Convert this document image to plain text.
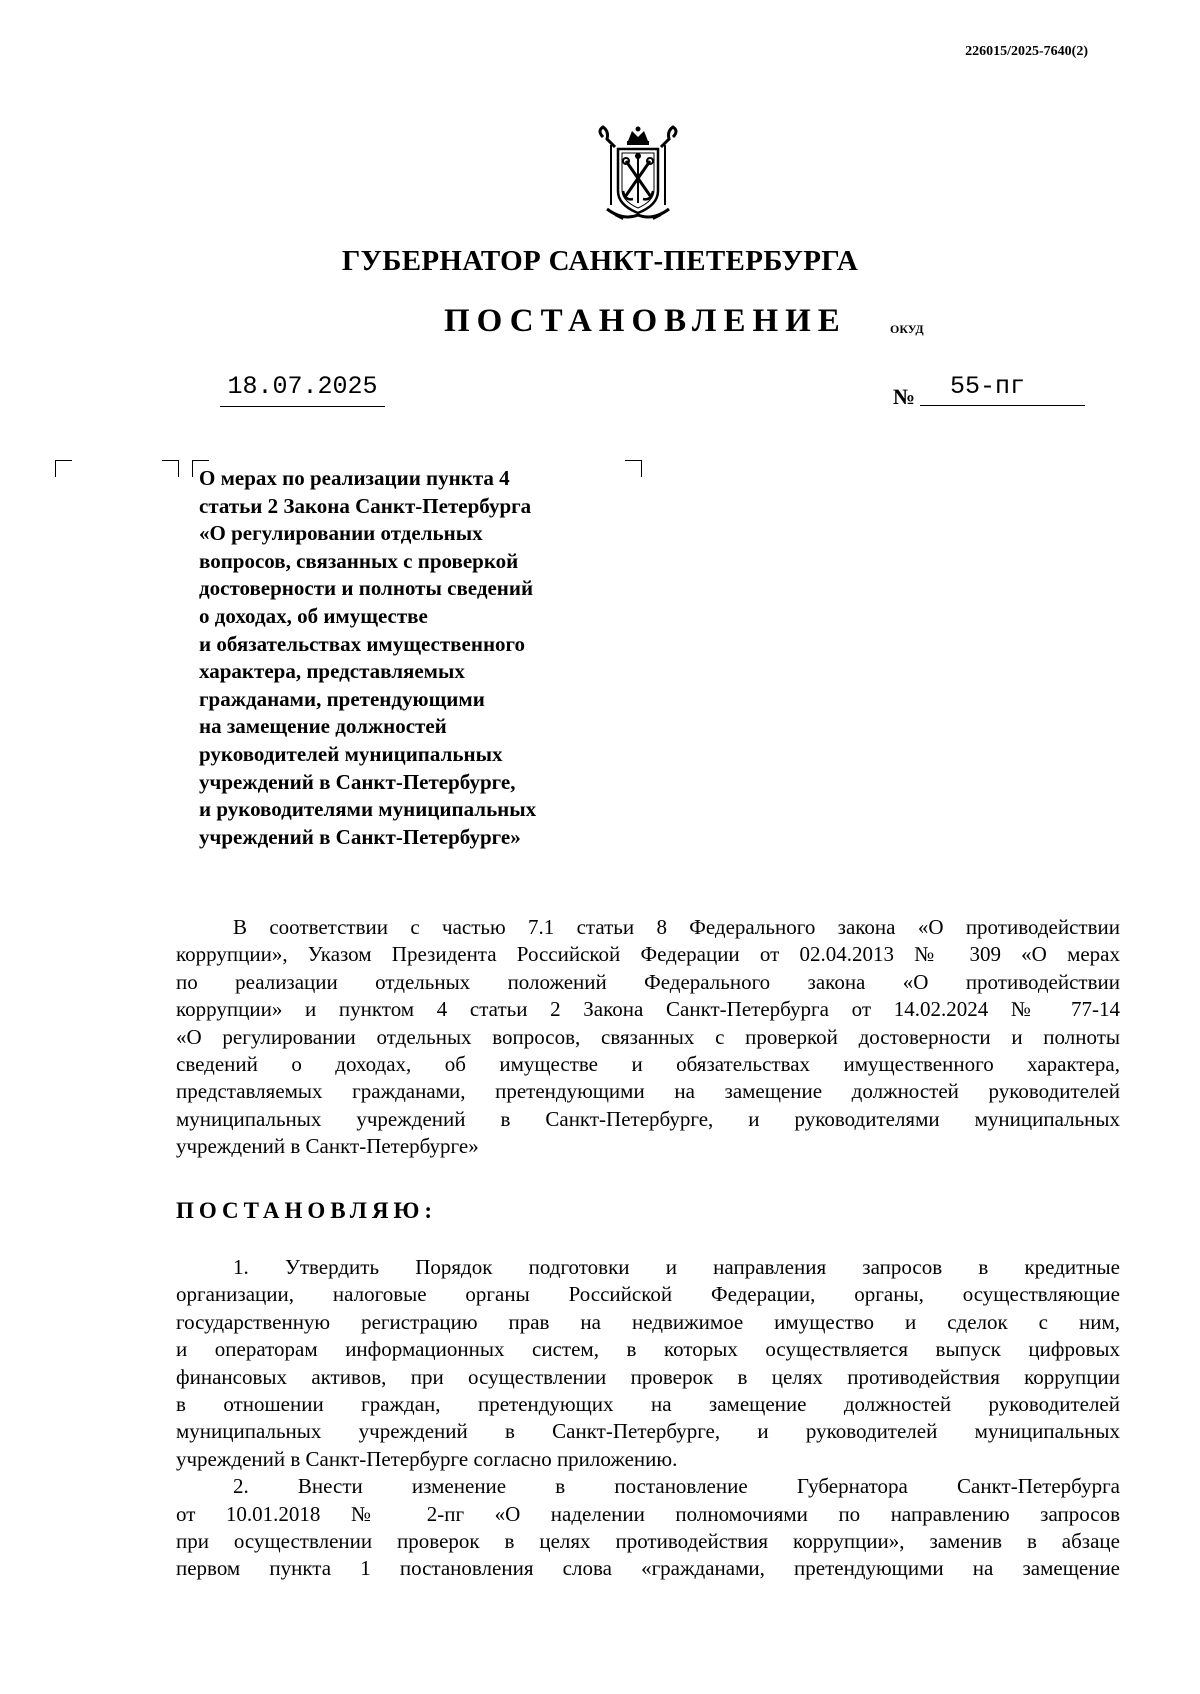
226015/2025-7640(2)
ГУБЕРНАТОР САНКТ-ПЕТЕРБУРГА
ПОСТАНОВЛЕНИЕ	ОКУД
18.07.2025	№	55-пг
О мерах по реализации пункта 4
статьи 2 Закона Санкт-Петербурга
«О регулировании отдельных
вопросов, связанных с проверкой
достоверности и полноты сведений
о доходах, об имуществе
и обязательствах имущественного
характера, представляемых
гражданами, претендующими
на замещение должностей
руководителей муниципальных
учреждений в Санкт-Петербурге,
и руководителями муниципальных
учреждений в Санкт-Петербурге»
В соответствии с частью 7.1 статьи 8 Федерального закона «О противодействии
коррупции», Указом Президента Российской Федерации от 02.04.2013 № 309 «О мерах
по реализации отдельных положений Федерального закона «О противодействии
коррупции» и пунктом 4 статьи 2 Закона Санкт-Петербурга от 14.02.2024 № 77-14
«О регулировании отдельных вопросов, связанных с проверкой достоверности и полноты
сведений о доходах, об имуществе и обязательствах имущественного характера,
представляемых гражданами, претендующими на замещение должностей руководителей
муниципальных учреждений в Санкт-Петербурге, и руководителями муниципальных
учреждений в Санкт-Петербурге»
ПОСТАНОВЛЯЮ:
1. Утвердить Порядок подготовки и направления запросов в кредитные
организации, налоговые органы Российской Федерации, органы, осуществляющие
государственную регистрацию прав на недвижимое имущество и сделок с ним,
и операторам информационных систем, в которых осуществляется выпуск цифровых
финансовых активов, при осуществлении проверок в целях противодействия коррупции
в отношении граждан, претендующих на замещение должностей руководителей
муниципальных учреждений в Санкт-Петербурге, и руководителей муниципальных
учреждений в Санкт-Петербурге согласно приложению.
2. Внести изменение в постановление Губернатора Санкт-Петербурга
от 10.01.2018 № 2-пг «О наделении полномочиями по направлению запросов
при осуществлении проверок в целях противодействия коррупции», заменив в абзаце
первом пункта 1 постановления слова «гражданами, претендующими на замещение
